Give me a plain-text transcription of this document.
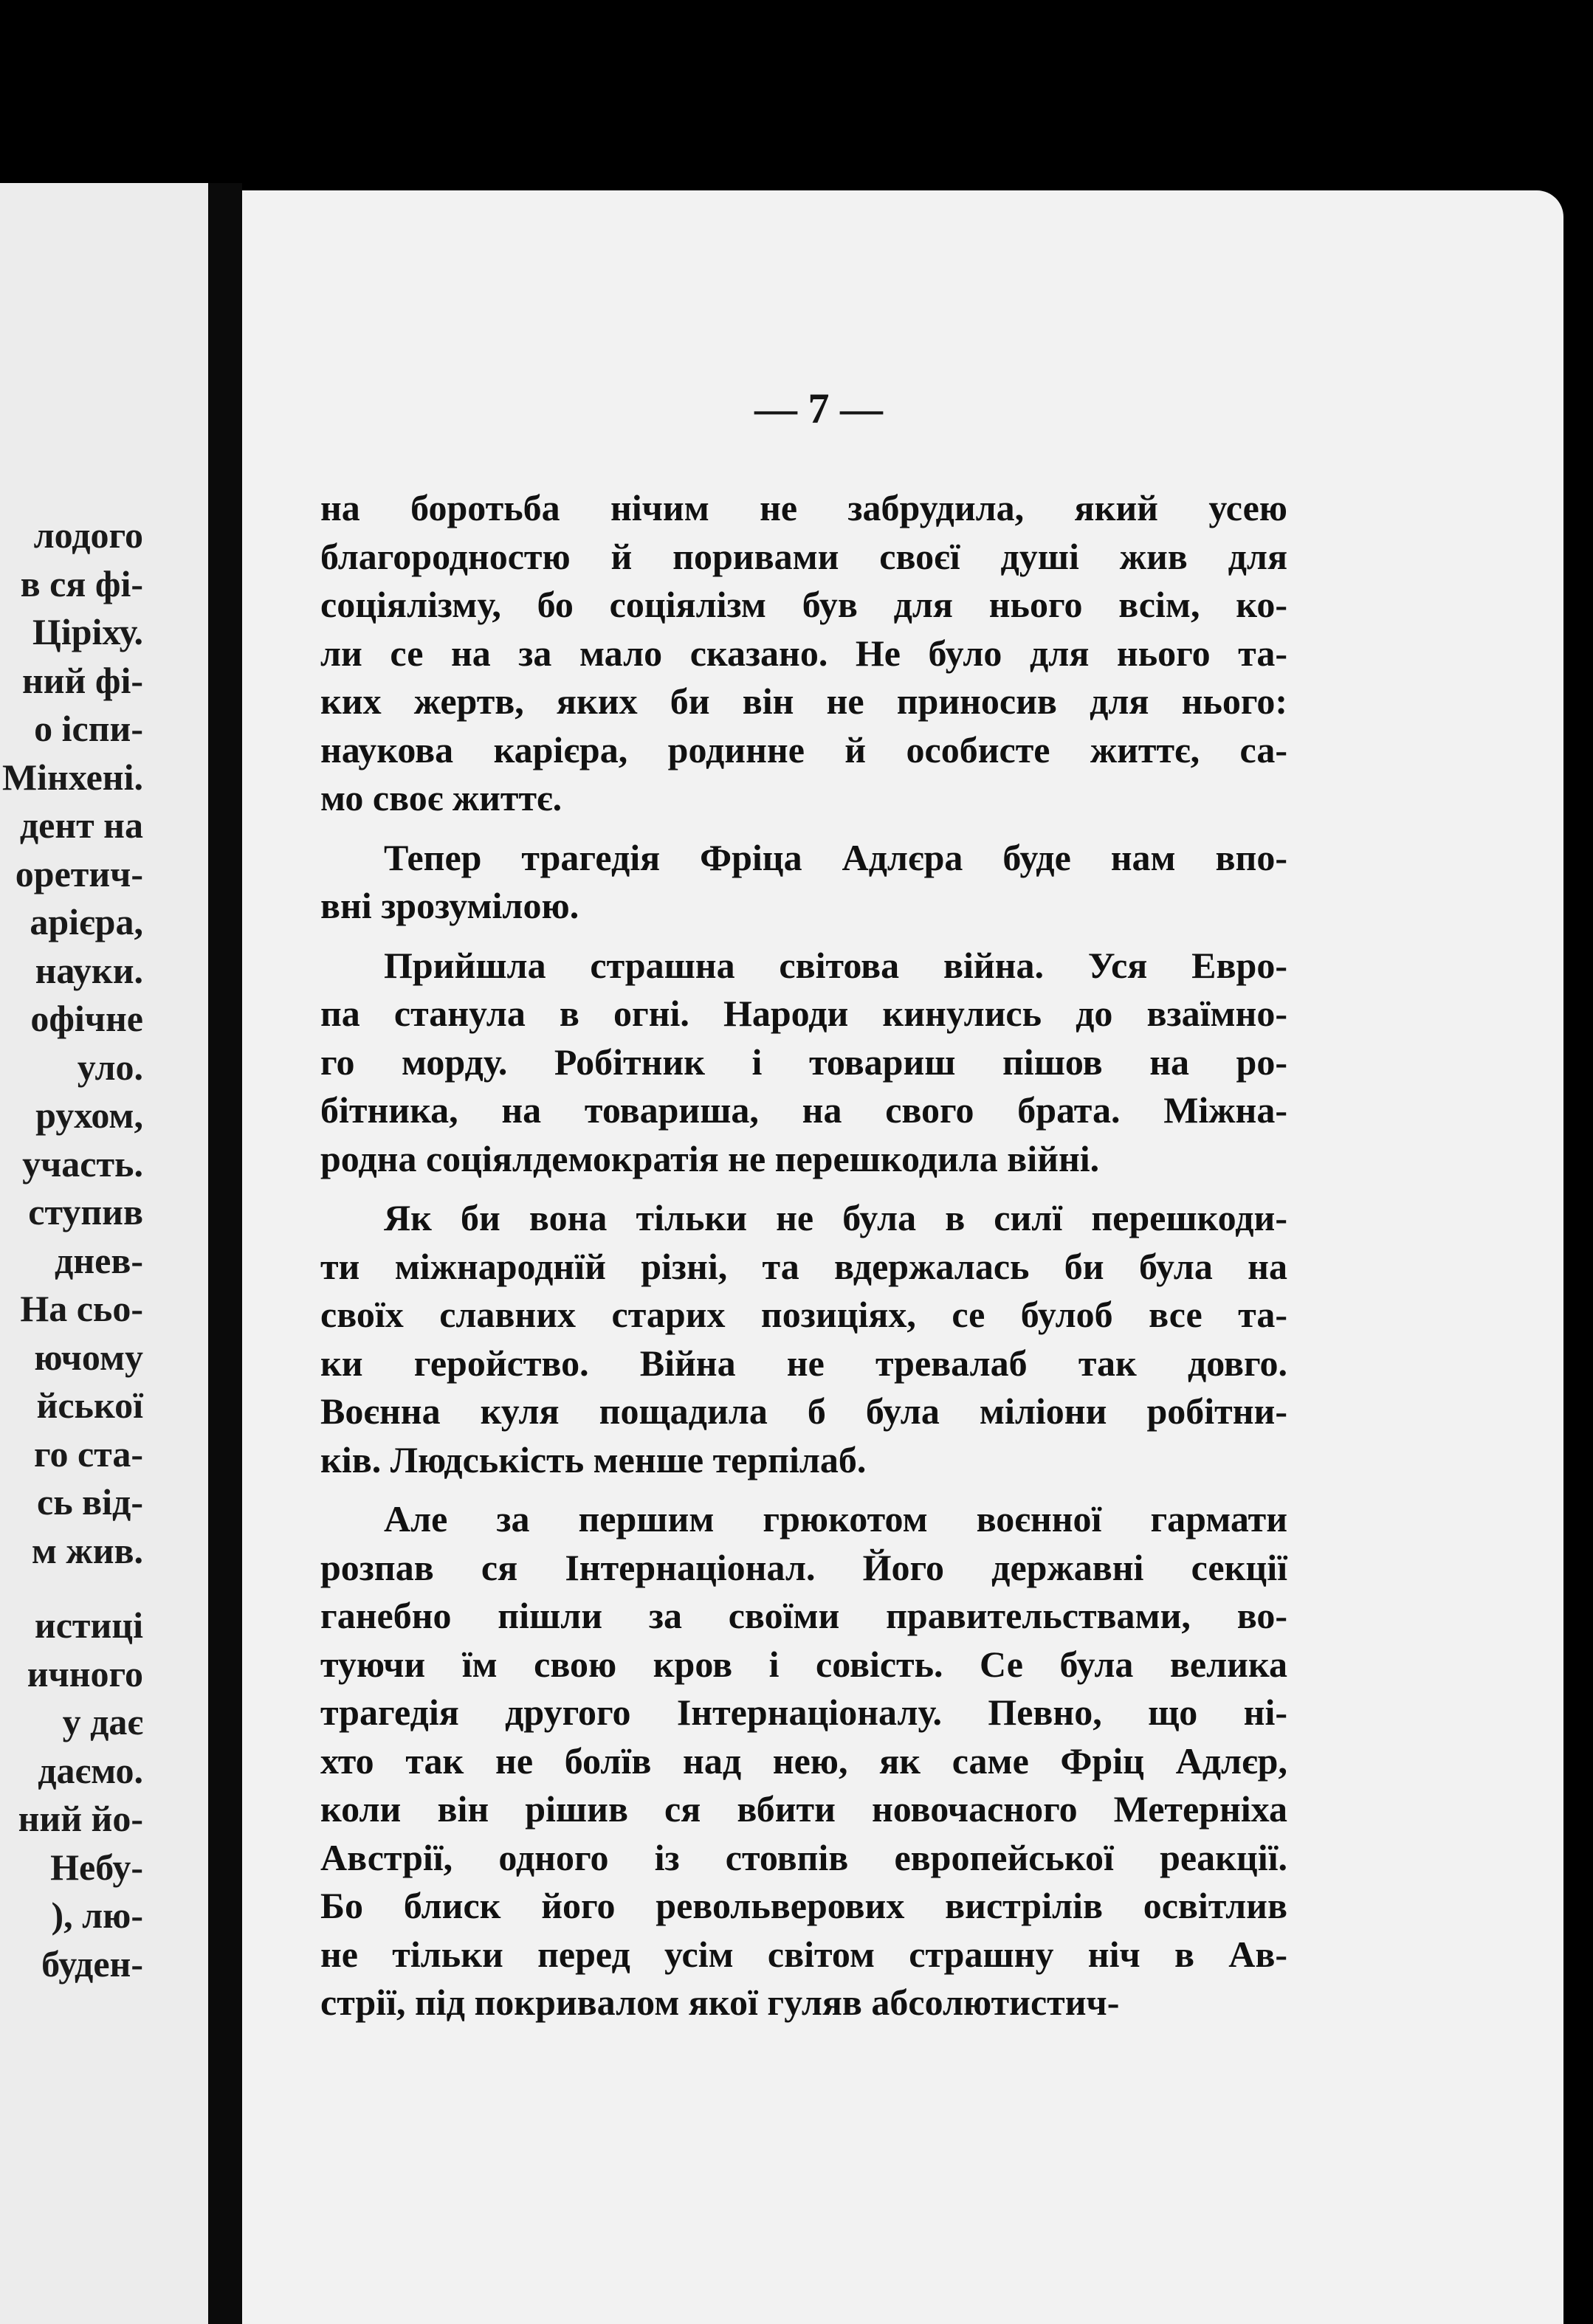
лодого
в ся фі-
Ціріху.
ний фі-
о іспи-
Мінхені.
дент на
оретич-
арієра,
науки.
офічне
уло.
рухом,
участь.
ступив
днев-
На сьо-
ючому
йської
го ста-
сь від-
м жив.
истиці
ичного
у дає
даємо.
ний йо-
Небу-
), лю-
буден-
— 7 —
на боротьба нічим не забрудила, який усею
благородностю й поривами своєї душі жив для
соціялізму, бо соціялізм був для нього всім, ко-
ли се на за мало сказано. Не було для нього та-
ких жертв, яких би він не приносив для нього:
наукова карієра, родинне й особисте життє, са-
мо своє життє.
Тепер трагедія Фріца Адлєра буде нам впо-
вні зрозумілою.
Прийшла страшна світова війна. Уся Евро-
па станула в огні. Народи кинулись до взаїмно-
го морду. Робітник і товариш пішов на ро-
бітника, на товариша, на свого брата. Міжна-
родна соціялдемократія не перешкодила війні.
Як би вона тільки не була в силї перешкоди-
ти міжнароднїй різні, та вдержалась би була на
своїх славних старих позиціях, се булоб все та-
ки геройство. Війна не тревалаб так довго.
Воєнна куля пощадила б була міліони робітни-
ків. Людськість менше терпілаб.
Але за першим грюкотом воєнної гармати
розпав ся Інтернаціонал. Його державні секції
ганебно пішли за своїми правительствами, во-
туючи їм свою кров і совість. Се була велика
трагедія другого Інтернаціоналу. Певно, що ні-
хто так не болїв над нею, як саме Фріц Адлєр,
коли він рішив ся вбити новочасного Метерніха
Австрії, одного із стовпів европейської реакції.
Бо блиск його револьверових вистрілів освітлив
не тільки перед усім світом страшну ніч в Ав-
стрії, під покривалом якої гуляв абсолютистич-
